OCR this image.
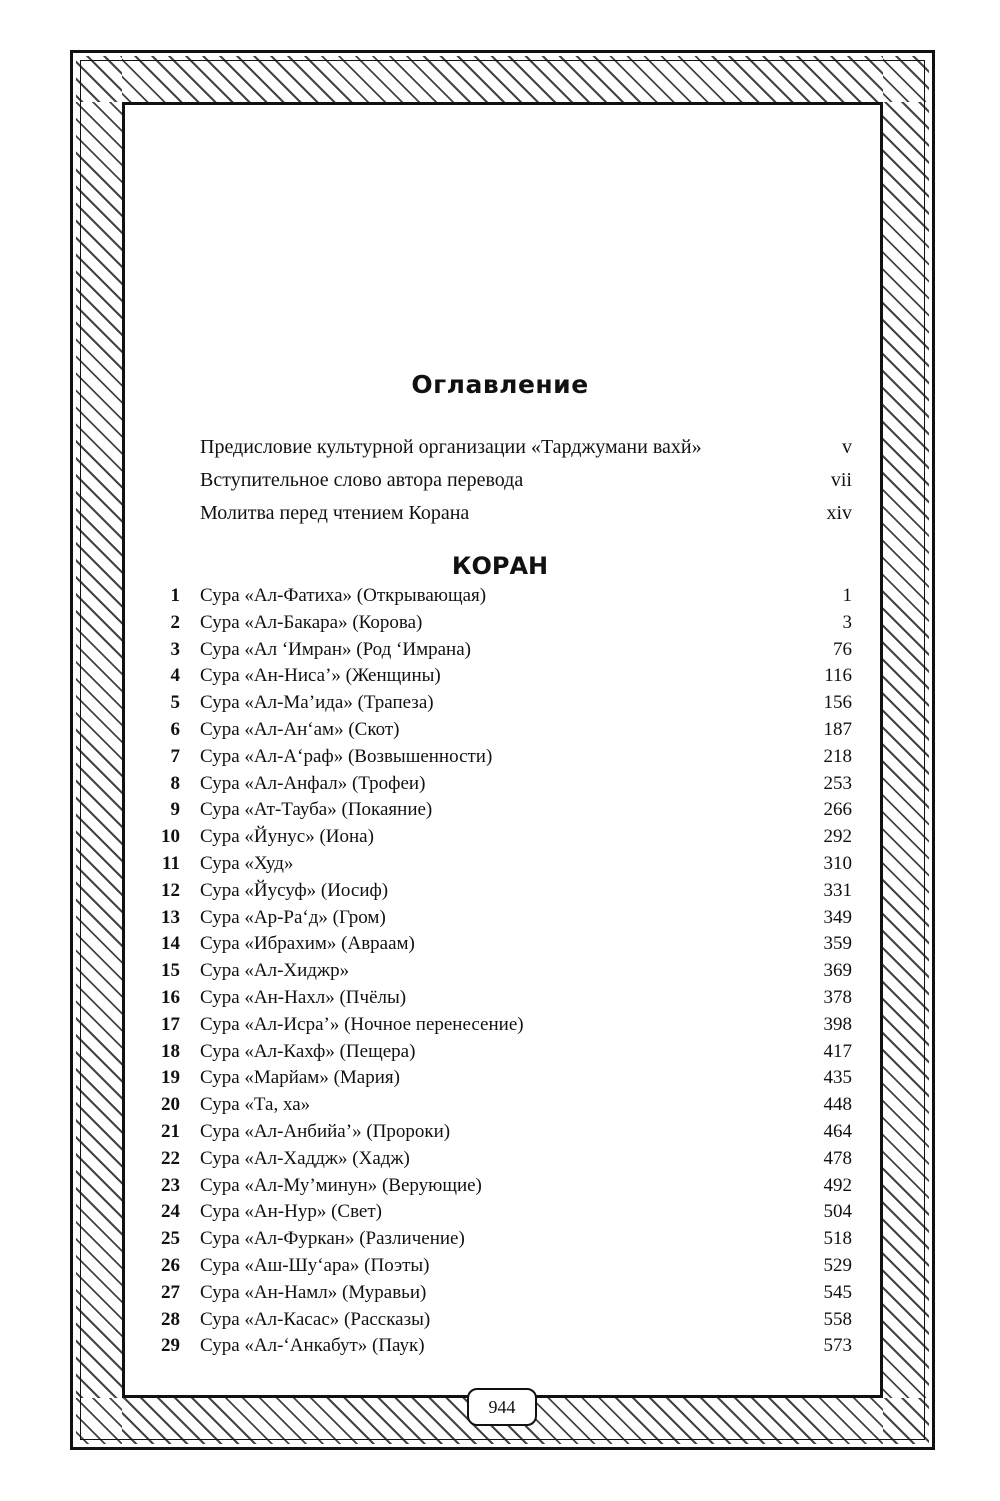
Оглавление
Предисловие культурной организации «Тарджумани вахй»	v
Вступительное слово автора перевода	vii
Молитва перед чтением Корана	xiv
КОРАН
1 Сура «Ал-Фатиха» (Открывающая)	1
2 Сура «Ал-Бакара» (Корова)	3
3 Сура «Ал ‘Имран» (Род ‘Имрана)	76
4 Сура «Ан-Ниса’» (Женщины)	116
5 Сура «Ал-Ма’ида» (Трапеза)	156
6 Сура «Ал-Ан‘ам» (Скот)	187
7 Сура «Ал-А‘раф» (Возвышенности)	218
8 Сура «Ал-Анфал» (Трофеи)	253
9 Сура «Ат-Тауба» (Покаяние)	266
10 Сура «Йунус» (Иона)	292
11 Сура «Худ»	310
12 Сура «Йусуф» (Иосиф)	331
13 Сура «Ар-Ра‘д» (Гром)	349
14 Сура «Ибрахим» (Авраам)	359
15 Сура «Ал-Хиджр»	369
16 Сура «Ан-Нахл» (Пчёлы)	378
17 Сура «Ал-Исра’» (Ночное перенесение)	398
18 Сура «Ал-Кахф» (Пещера)	417
19 Сура «Марйам» (Мария)	435
20 Сура «Та, ха»	448
21 Сура «Ал-Анбийа’» (Пророки)	464
22 Сура «Ал-Хаддж» (Хадж)	478
23 Сура «Ал-Му’минун» (Верующие)	492
24 Сура «Ан-Нур» (Свет)	504
25 Сура «Ал-Фуркан» (Различение)	518
26 Сура «Аш-Шу‘ара» (Поэты)	529
27 Сура «Ан-Намл» (Муравьи)	545
28 Сура «Ал-Касас» (Рассказы)	558
29 Сура «Ал-‘Анкабут» (Паук)	573
944
